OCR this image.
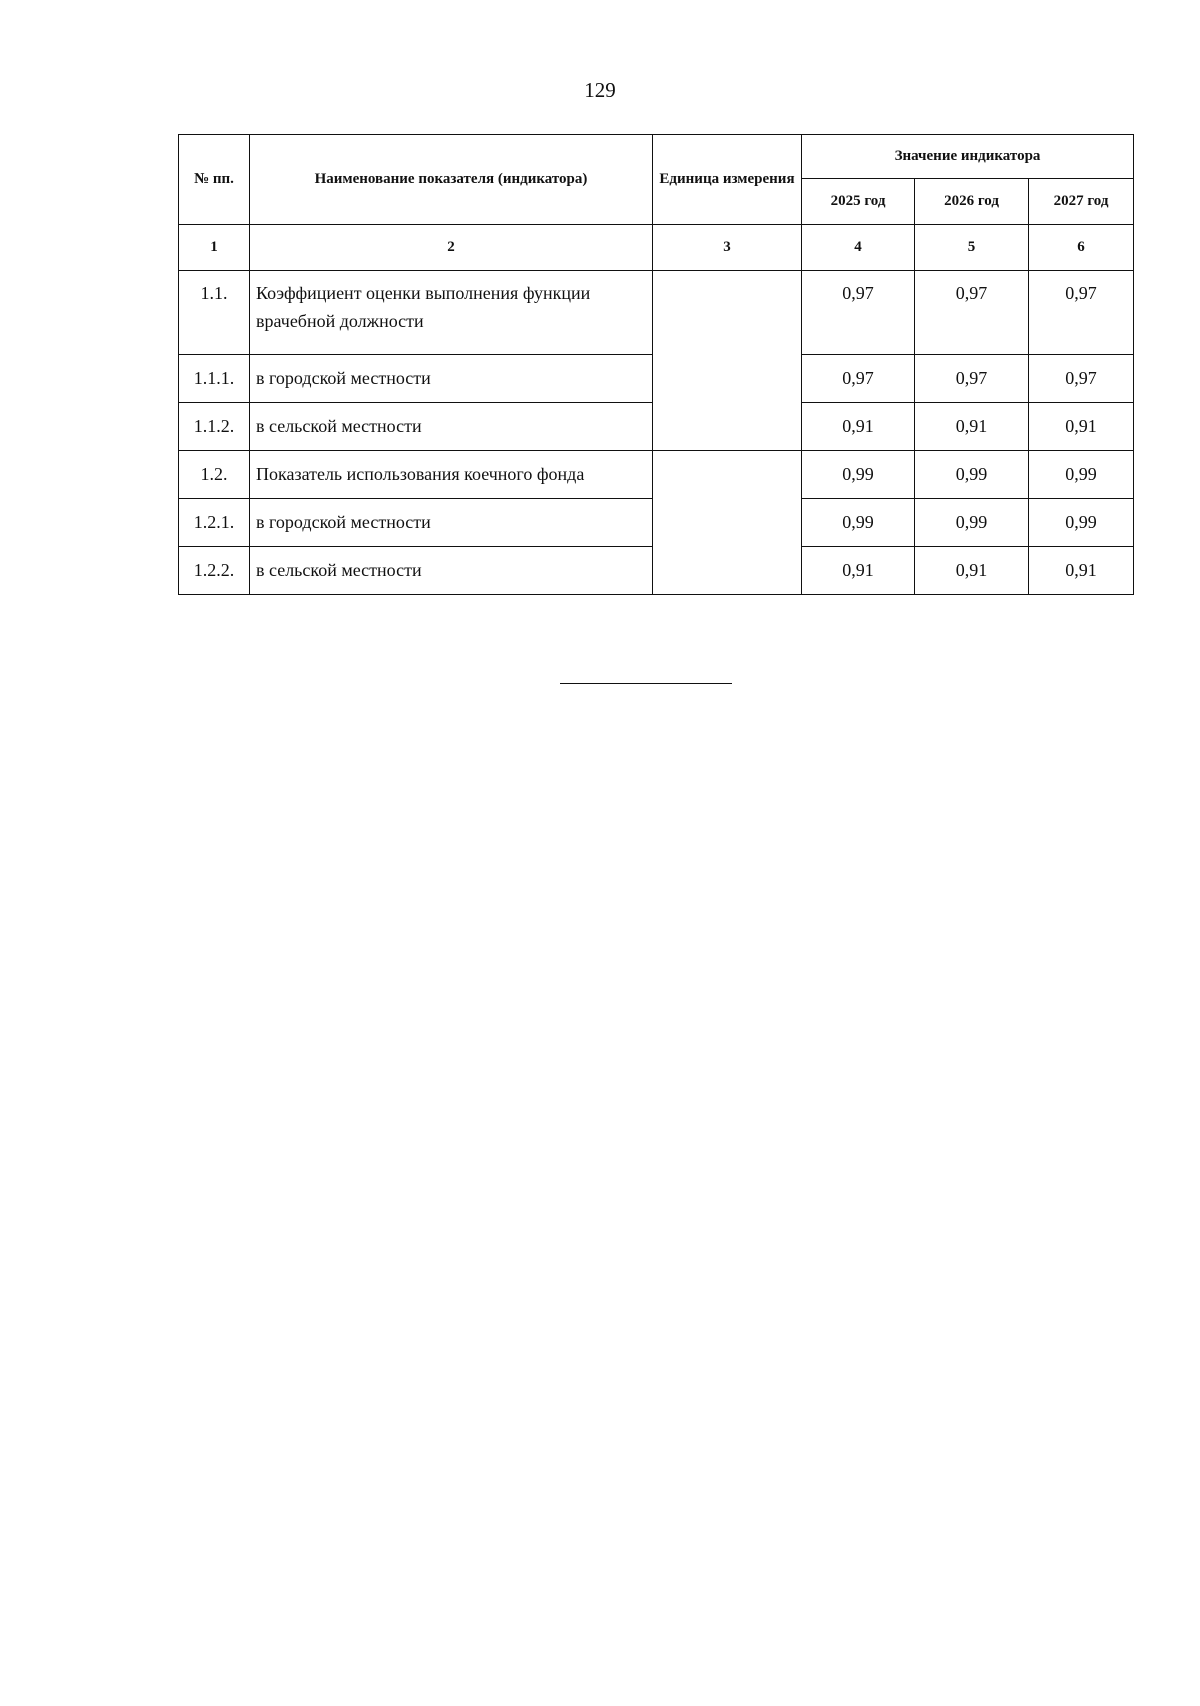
129
№ пп.	Наименование показателя (индикатора)	Единица измерения	Значение индикатора		
			2025 год	2026 год	2027 год
1	2	3	4	5	6
1.1.	Коэффициент оценки выполнения функции врачебной должности		0,97	0,97	0,97
1.1.1.	в городской местности		0,97	0,97	0,97
1.1.2.	в сельской местности		0,91	0,91	0,91
1.2.	Показатель использования коечного фонда		0,99	0,99	0,99
1.2.1.	в городской местности		0,99	0,99	0,99
1.2.2.	в сельской местности		0,91	0,91	0,91
